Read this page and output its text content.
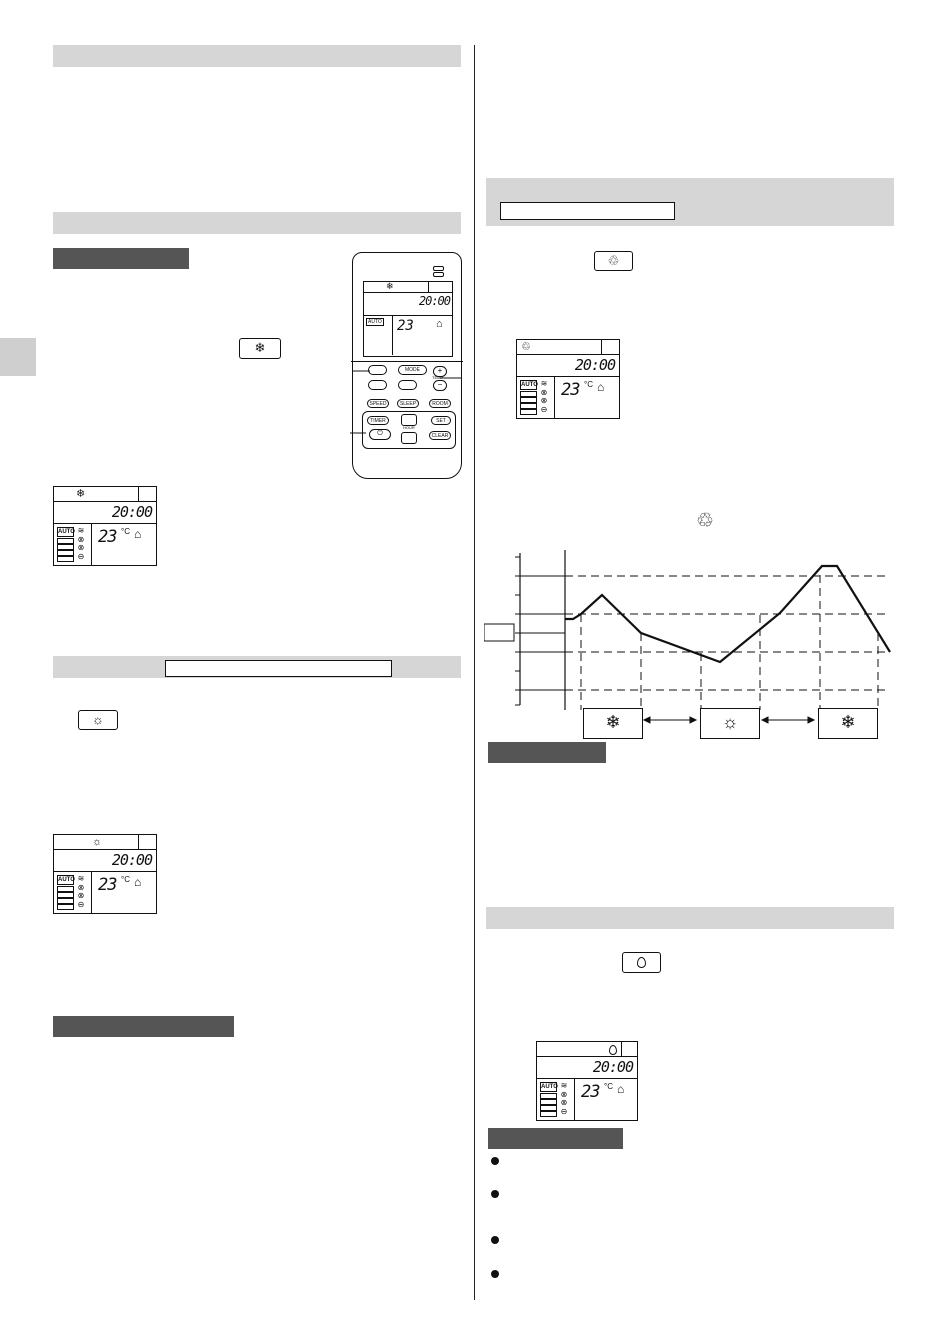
❄
❄
20:00
AUTO 23 ⌂
MODE	+
TEMP
−
SPEED	SLEEP	ROOM
TIMER	SET
HOUR
⏻	CLEAR
❄
20:00
AUTO ≋
⊗
⊗
⊖
23 °C ⌂
☼
☼
20:00
AUTO ≋
⊗
⊗
⊖
23 °C ⌂
♲
♲
20:00
AUTO ≋
⊗
⊗
⊖
23 °C ⌂
♲
❄	☼	❄
20:00
AUTO ≋
⊗
⊗
⊖
23 °C ⌂
